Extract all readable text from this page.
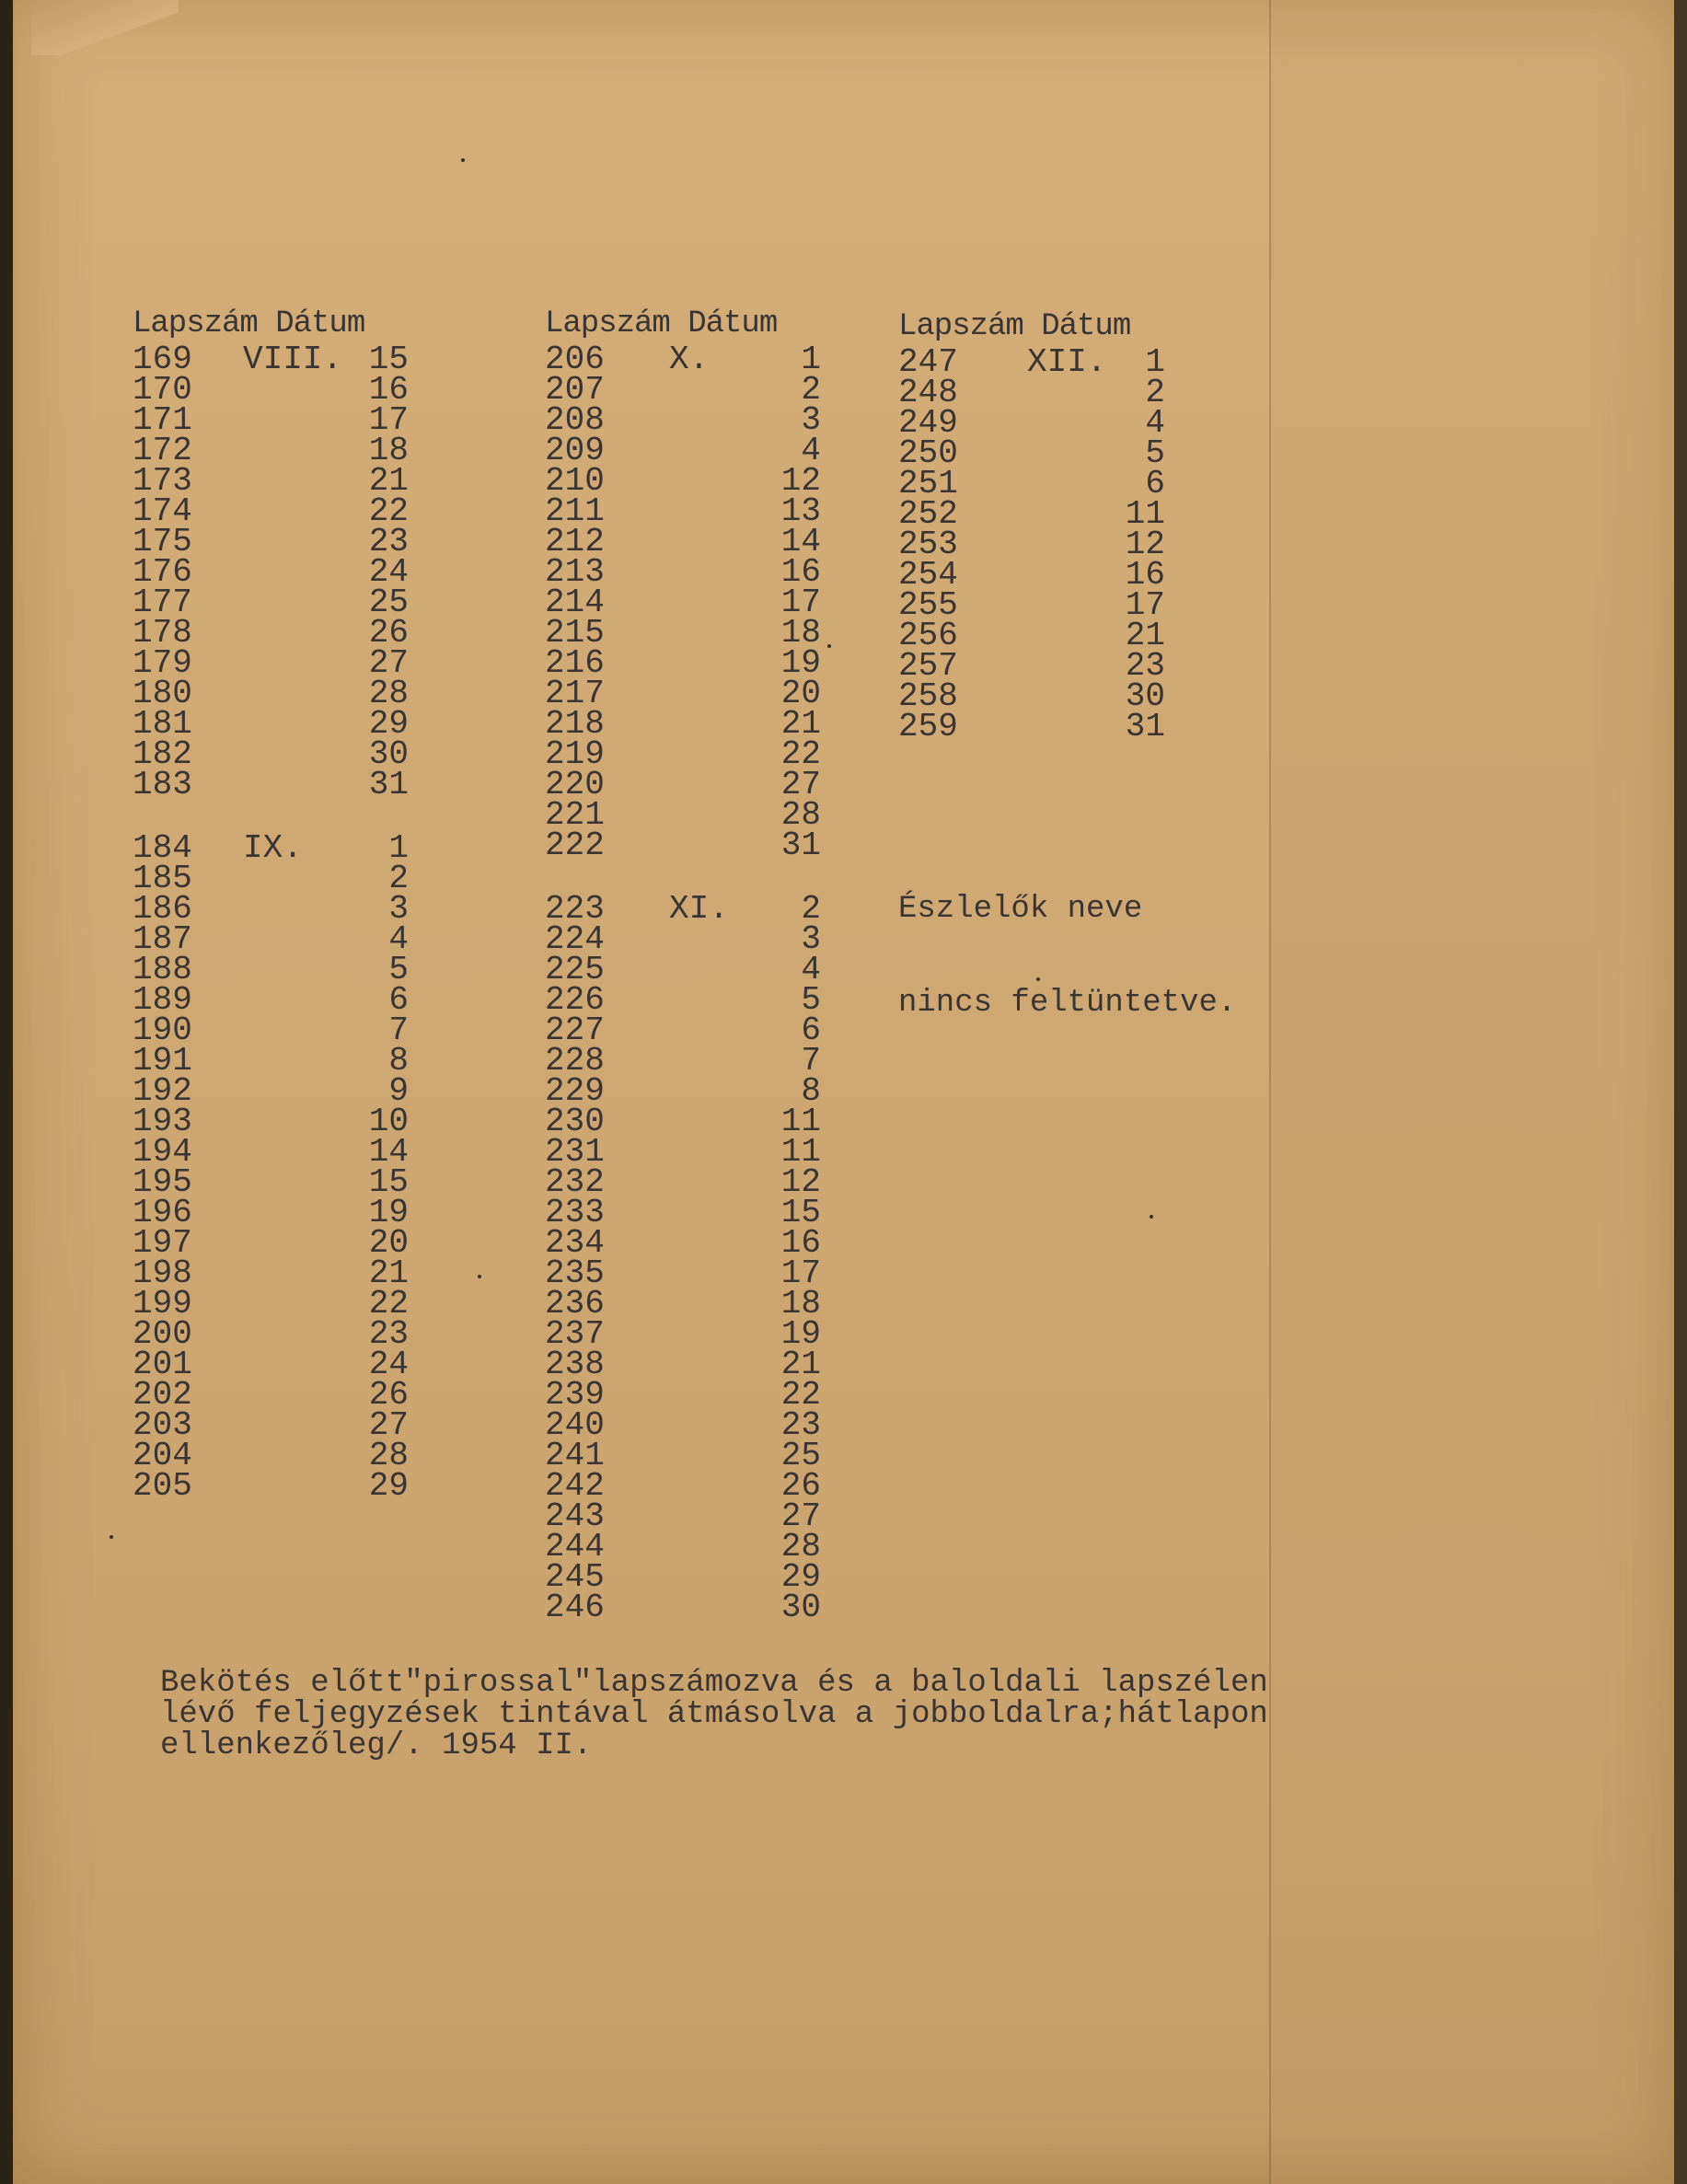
Lapszám Dátum
169 VIII. 15
170	16
171	17
172	18
173	21
174	22
175	23
176	24
177	25
178	26
179	27
180	28
181	29
182	30
183	31
184 IX.	1
185	2
186	3
187	4
188	5
189	6
190	7
191	8
192	9
193	10
194	14
195	15
196	19
197	20
198	21
199	22
200	23
201	24
202	26
203	27
204	28
205	29
Lapszám Dátum
206 X.	1
207	2
208	3
209	4
210	12
211	13
212	14
213	16
214	17
215	18
216	19
217	20
218	21
219	22
220	27
221	28
222	31
223 XI.	2
224	3
225	4
226	5
227	6
228	7
229	8
230	11
231	11
232	12
233	15
234	16
235	17
236	18
237	19
238	21
239	22
240	23
241	25
242	26
243	27
244	28
245	29
246	30
Lapszám Dátum
247 XII.	1
248	2
249	4
250	5
251	6
252	11
253	12
254	16
255	17
256	21
257	23
258	30
259	31

Észlelők neve

nincs feltüntetve.

Bekötés előtt"pirossal"lapszámozva és a baloldali lapszélen
lévő feljegyzések tintával átmásolva a jobboldalra;hátlapon
ellenkezőleg/. 1954 II.
